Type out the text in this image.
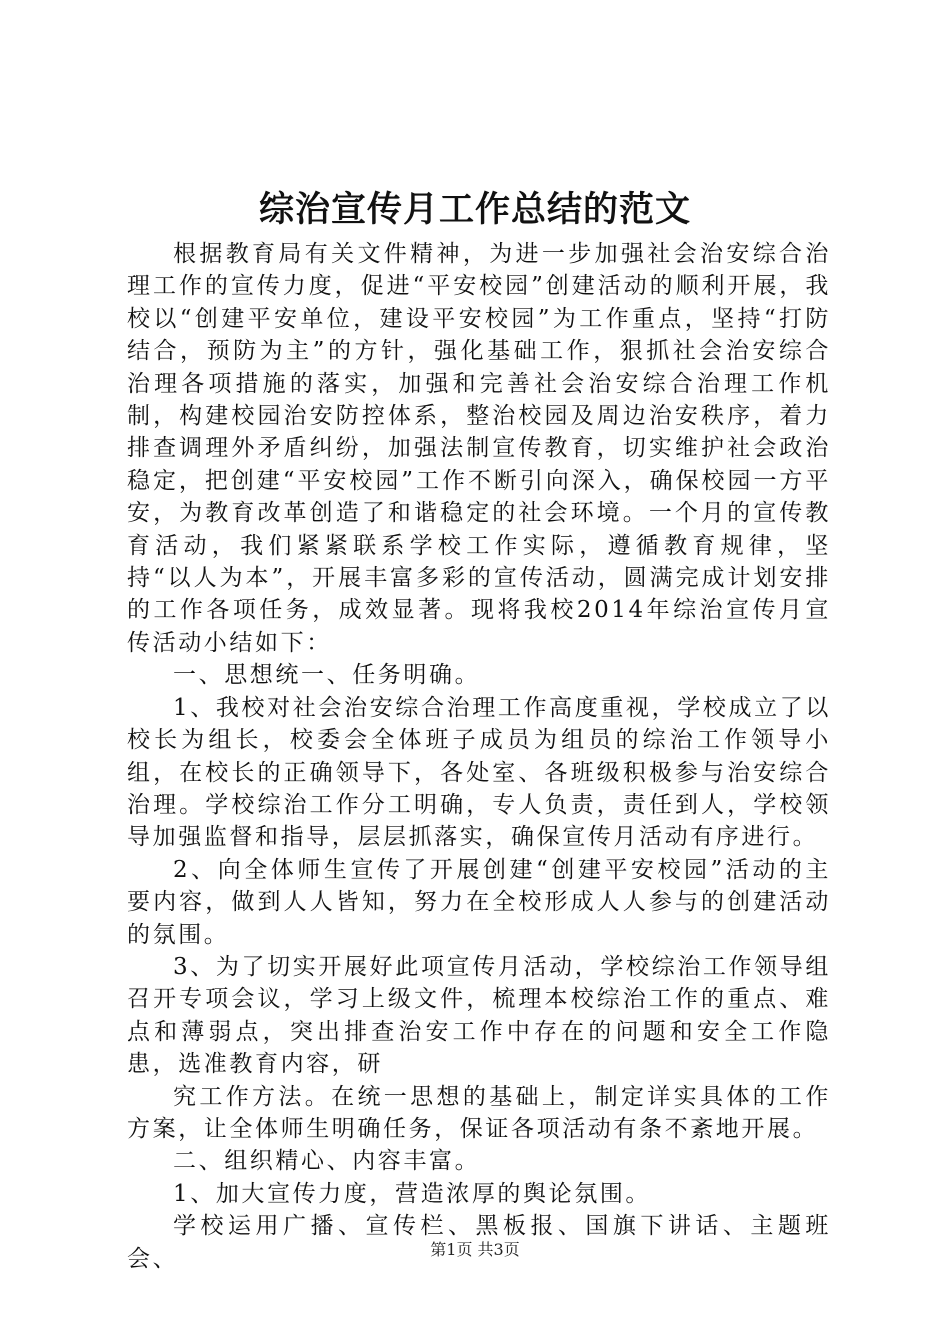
综治宣传月工作总结的范文

根据教育局有关文件精神，为进一步加强社会治安综合治理工作的宣传力度，促进“平安校园”创建活动的顺利开展，我校以“创建平安单位，建设平安校园”为工作重点，坚持“打防结合，预防为主”的方针，强化基础工作，狠抓社会治安综合治理各项措施的落实，加强和完善社会治安综合治理工作机制，构建校园治安防控体系，整治校园及周边治安秩序，着力排查调理外矛盾纠纷，加强法制宣传教育，切实维护社会政治稳定，把创建“平安校园”工作不断引向深入，确保校园一方平安，为教育改革创造了和谐稳定的社会环境。一个月的宣传教育活动，我们紧紧联系学校工作实际，遵循教育规律，坚持“以人为本”，开展丰富多彩的宣传活动，圆满完成计划安排的工作各项任务，成效显著。现将我校2014年综治宣传月宣传活动小结如下：

一、思想统一、任务明确。

1、我校对社会治安综合治理工作高度重视，学校成立了以校长为组长，校委会全体班子成员为组员的综治工作领导小组，在校长的正确领导下，各处室、各班级积极参与治安综合治理。学校综治工作分工明确，专人负责，责任到人，学校领导加强监督和指导，层层抓落实，确保宣传月活动有序进行。

2、向全体师生宣传了开展创建“创建平安校园”活动的主要内容，做到人人皆知，努力在全校形成人人参与的创建活动的氛围。

3、为了切实开展好此项宣传月活动，学校综治工作领导组召开专项会议，学习上级文件，梳理本校综治工作的重点、难点和薄弱点，突出排查治安工作中存在的问题和安全工作隐患，选准教育内容，研

究工作方法。在统一思想的基础上，制定详实具体的工作方案，让全体师生明确任务，保证各项活动有条不紊地开展。

二、组织精心、内容丰富。

1、加大宣传力度，营造浓厚的舆论氛围。

学校运用广播、宣传栏、黑板报、国旗下讲话、主题班会、	第1页 共3页
